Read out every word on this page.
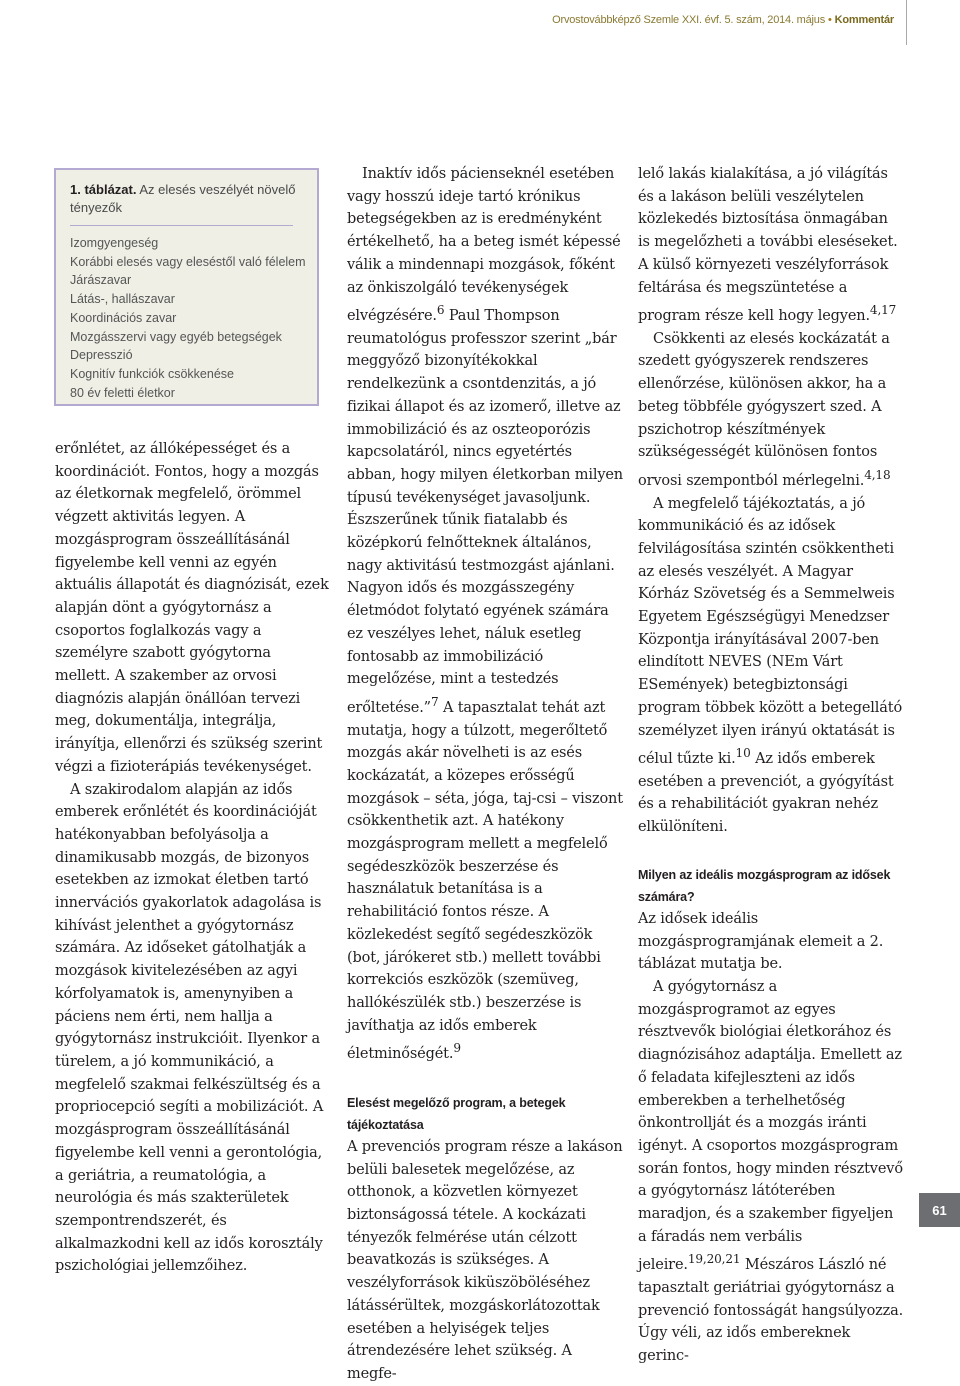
Orvostovábbképző Szemle XXI. évf. 5. szám, 2014. május • Kommentár
1. táblázat. Az elesés veszélyét növelő tényezők
Izomgyengeség
Korábbi elesés vagy eleséstől való félelem
Járászavar
Látás-, hallászavar
Koordinációs zavar
Mozgásszervi vagy egyéb betegségek
Depresszió
Kognitív funkciók csökkenése
80 év feletti életkor

erőnlétet, az állóképességet és a koordinációt. Fontos, hogy a mozgás az életkornak megfelelő, örömmel végzett aktivitás legyen. A mozgásprogram összeállításánál figyelembe kell venni az egyén aktuális állapotát és diagnózisát, ezek alapján dönt a gyógytornász a csoportos foglalkozás vagy a személyre szabott gyógytorna mellett. A szakember az orvosi diagnózis alapján önállóan tervezi meg, dokumentálja, integrálja, irányítja, ellenőrzi és szükség szerint végzi a fizioterápiás tevékenységet.

A szakirodalom alapján az idős emberek erőnlétét és koordinációját hatékonyabban befolyásolja a dinamikusabb mozgás, de bizonyos esetekben az izmokat életben tartó innervációs gyakorlatok adagolása is kihívást jelenthet a gyógytornász számára. Az időseket gátolhatják a mozgások kivitelezésében az agyi kórfolyamatok is, amenynyiben a páciens nem érti, nem hallja a gyógytornász instrukcióit. Ilyenkor a türelem, a jó kommunikáció, a megfelelő szakmai felkészültség és a propriocepció segíti a mobilizációt. A mozgásprogram összeállításánál figyelembe kell venni a gerontológia, a geriátria, a reumatológia, a neurológia és más szakterületek szempontrendszerét, és alkalmazkodni kell az idős korosztály pszichológiai jellemzőihez.

Inaktív idős pácienseknél esetében vagy hosszú ideje tartó krónikus betegségekben az is eredményként értékelhető, ha a beteg ismét képessé válik a mindennapi mozgások, főként az önkiszolgáló tevékenységek elvégzésére.$^6$ Paul Thompson reumatológus professzor szerint „bár meggyőző bizonyítékokkal rendelkezünk a csontdenzitás, a jó fizikai állapot és az izomerő, illetve az immobilizáció és az oszteoporózis kapcsolatáról, nincs egyetértés abban, hogy milyen életkorban milyen típusú tevékenységet javasoljunk. Észszerűnek tűnik fiatalabb és középkorú felnőtteknek általános, nagy aktivitású testmozgást ajánlani. Nagyon idős és mozgásszegény életmódot folytató egyének számára ez veszélyes lehet, náluk esetleg fontosabb az immobilizáció megelőzése, mint a testedzés erőltetése.”$^7$ A tapasztalat tehát azt mutatja, hogy a túlzott, megerőltető mozgás akár növelheti is az esés kockázatát, a közepes erősségű mozgások – séta, jóga, taj-csi – viszont csökkenthetik azt. A hatékony mozgásprogram mellett a megfelelő segédeszközök beszerzése és használatuk betanítása is a rehabilitáció fontos része. A közlekedést segítő segédeszközök (bot, járókeret stb.) mellett további korrekciós eszközök (szemüveg, hallókészülék stb.) beszerzése is javíthatja az idős emberek életminőségét.$^9$

Elesést megelőző program, a betegek tájékoztatása

A prevenciós program része a lakáson belüli balesetek megelőzése, az otthonok, a közvetlen környezet biztonságossá tétele. A kockázati tényezők felmérése után célzott beavatkozás is szükséges. A veszélyforrások kiküszöböléséhez látássérültek, mozgáskorlátozottak esetében a helyiségek teljes átrendezésére lehet szükség. A megfe-

lelő lakás kialakítása, a jó világítás és a lakáson belüli veszélytelen közlekedés biztosítása önmagában is megelőzheti a további eleséseket. A külső környezeti veszélyforrások feltárása és megszüntetése a program része kell hogy legyen.$^{4,17}$

Csökkenti az elesés kockázatát a szedett gyógyszerek rendszeres ellenőrzése, különösen akkor, ha a beteg többféle gyógyszert szed. A pszichotrop készítmények szükségességét különösen fontos orvosi szempontból mérlegelni.$^{4,18}$

A megfelelő tájékoztatás, a jó kommunikáció és az idősek felvilágosítása szintén csökkentheti az elesés veszélyét. A Magyar Kórház Szövetség és a Semmelweis Egyetem Egészségügyi Menedzser Központja irányításával 2007-ben elindított NEVES (NEm Várt ESemények) betegbiztonsági program többek között a betegellátó személyzet ilyen irányú oktatását is célul tűzte ki.$^{10}$ Az idős emberek esetében a prevenciót, a gyógyítást és a rehabilitációt gyakran nehéz elkülöníteni.

Milyen az ideális mozgásprogram az idősek számára?

Az idősek ideális mozgásprogramjának elemeit a 2. táblázat mutatja be.

A gyógytornász a mozgásprogramot az egyes résztvevők biológiai életkorához és diagnózisához adaptálja. Emellett az ő feladata kifejleszteni az idős emberekben a terhelhetőség önkontrollját és a mozgás iránti igényt. A csoportos mozgásprogram során fontos, hogy minden résztvevő a gyógytornász látóterében maradjon, és a szakember figyeljen a fáradás nem verbális jeleire.$^{19,20,21}$ Mészáros László né tapasztalt geriátriai gyógytornász a prevenció fontosságát hangsúlyozza. Úgy véli, az idős embereknek gerinc-

61
